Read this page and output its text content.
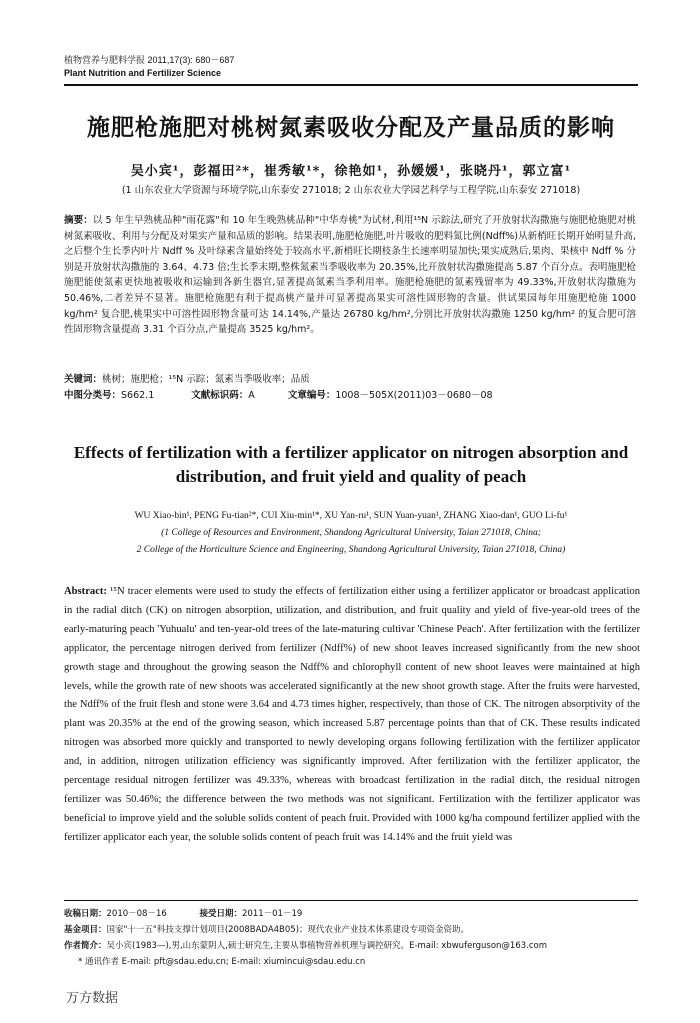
植物营养与肥料学报 2011,17(3): 680－687
Plant Nutrition and Fertilizer Science
施肥枪施肥对桃树氮素吸收分配及产量品质的影响
吴小宾¹，彭福田²*，崔秀敏¹*，徐艳如¹，孙媛媛¹，张晓丹¹，郭立富¹
(1 山东农业大学资源与环境学院,山东泰安 271018; 2 山东农业大学园艺科学与工程学院,山东泰安 271018)
摘要：以 5 年生早熟桃品种"雨花露"和 10 年生晚熟桃品种"中华寿桃"为试材,利用¹⁵N 示踪法,研究了开放射状沟撒施与施肥枪施肥对桃树氮素吸收、利用与分配及对果实产量和品质的影响。结果表明,施肥枪施肥,叶片吸收的肥料氮比例(Ndff%)从新梢旺长期开始明显升高,之后整个生长季内叶片 Ndff % 及叶绿素含量始终处于较高水平,新梢旺长期枝条生长速率明显加快;果实成熟后,果肉、果核中 Ndff % 分别是开放射状沟撒施的 3.64、4.73 倍;生长季末期,整株氮素当季吸收率为 20.35%,比开放射状沟撒施提高 5.87 个百分点。表明施肥枪施肥能使氮素更快地被吸收和运输到各新生器官,显著提高氮素当季利用率。施肥枪施肥的氮素残留率为 49.33%,开放射状沟撒施为 50.46%,二者差异不显著。施肥枪施肥有利于提高桃产量并可显著提高果实可溶性固形物的含量。供试果园每年用施肥枪施 1000 kg/hm² 复合肥,桃果实中可溶性固形物含量可达 14.14%,产量达 26780 kg/hm²,分别比开放射状沟撒施 1250 kg/hm² 的复合肥可溶性固形物含量提高 3.31 个百分点,产量提高 3525 kg/hm²。
关键词：桃树；施肥枪；¹⁵N 示踪；氮素当季吸收率；品质
中图分类号：S662.1	文献标识码：A	文章编号：1008－505X(2011)03－0680－08
Effects of fertilization with a fertilizer applicator on nitrogen absorption and distribution, and fruit yield and quality of peach
WU Xiao-bin¹, PENG Fu-tian²*, CUI Xiu-min¹*, XU Yan-ru¹, SUN Yuan-yuan¹, ZHANG Xiao-dan¹, GUO Li-fu¹
(1 College of Resources and Environment, Shandong Agricultural University, Taian 271018, China;
2 College of the Horticulture Science and Engineering, Shandong Agricultural University, Taian 271018, China)
Abstract: ¹⁵N tracer elements were used to study the effects of fertilization either using a fertilizer applicator or broadcast application in the radial ditch (CK) on nitrogen absorption, utilization, and distribution, and fruit quality and yield of five-year-old trees of the early-maturing peach 'Yuhualu' and ten-year-old trees of the late-maturing cultivar 'Chinese Peach'. After fertilization with the fertilizer applicator, the percentage nitrogen derived from fertilizer (Ndff%) of new shoot leaves increased significantly from the new shoot growth stage and throughout the growing season the Ndff% and chlorophyll content of new shoot leaves were maintained at high levels, while the growth rate of new shoots was accelerated significantly at the new shoot growth stage. After the fruits were harvested, the Ndff% of the fruit flesh and stone were 3.64 and 4.73 times higher, respectively, than those of CK. The nitrogen absorptivity of the plant was 20.35% at the end of the growing season, which increased 5.87 percentage points than that of CK. These results indicated nitrogen was absorbed more quickly and transported to newly developing organs following fertilization with the fertilizer applicator and, in addition, nitrogen utilization efficiency was significantly improved. After fertilization with the fertilizer applicator, the percentage residual nitrogen fertilizer was 49.33%, whereas with broadcast fertilization in the radial ditch, the residual nitrogen fertilizer was 50.46%; the difference between the two methods was not significant. Fertilization with the fertilizer applicator was beneficial to improve yield and the soluble solids content of peach fruit. Provided with 1000 kg/ha compound fertilizer applied with the fertilizer applicator each year, the soluble solids content of peach fruit was 14.14% and the fruit yield was
收稿日期：2010－08－16	接受日期：2011－01－19
基金项目：国家"十一五"科技支撑计划项目(2008BADA4B05)；现代农业产业技术体系建设专项资金资助。
作者简介：吴小宾(1983—),男,山东蒙阴人,硕士研究生,主要从事植物营养机理与调控研究。E-mail: xbwuferguson@163.com
* 通讯作者 E-mail: pft@sdau.edu.cn; E-mail: xiumincui@sdau.edu.cn
万方数据
